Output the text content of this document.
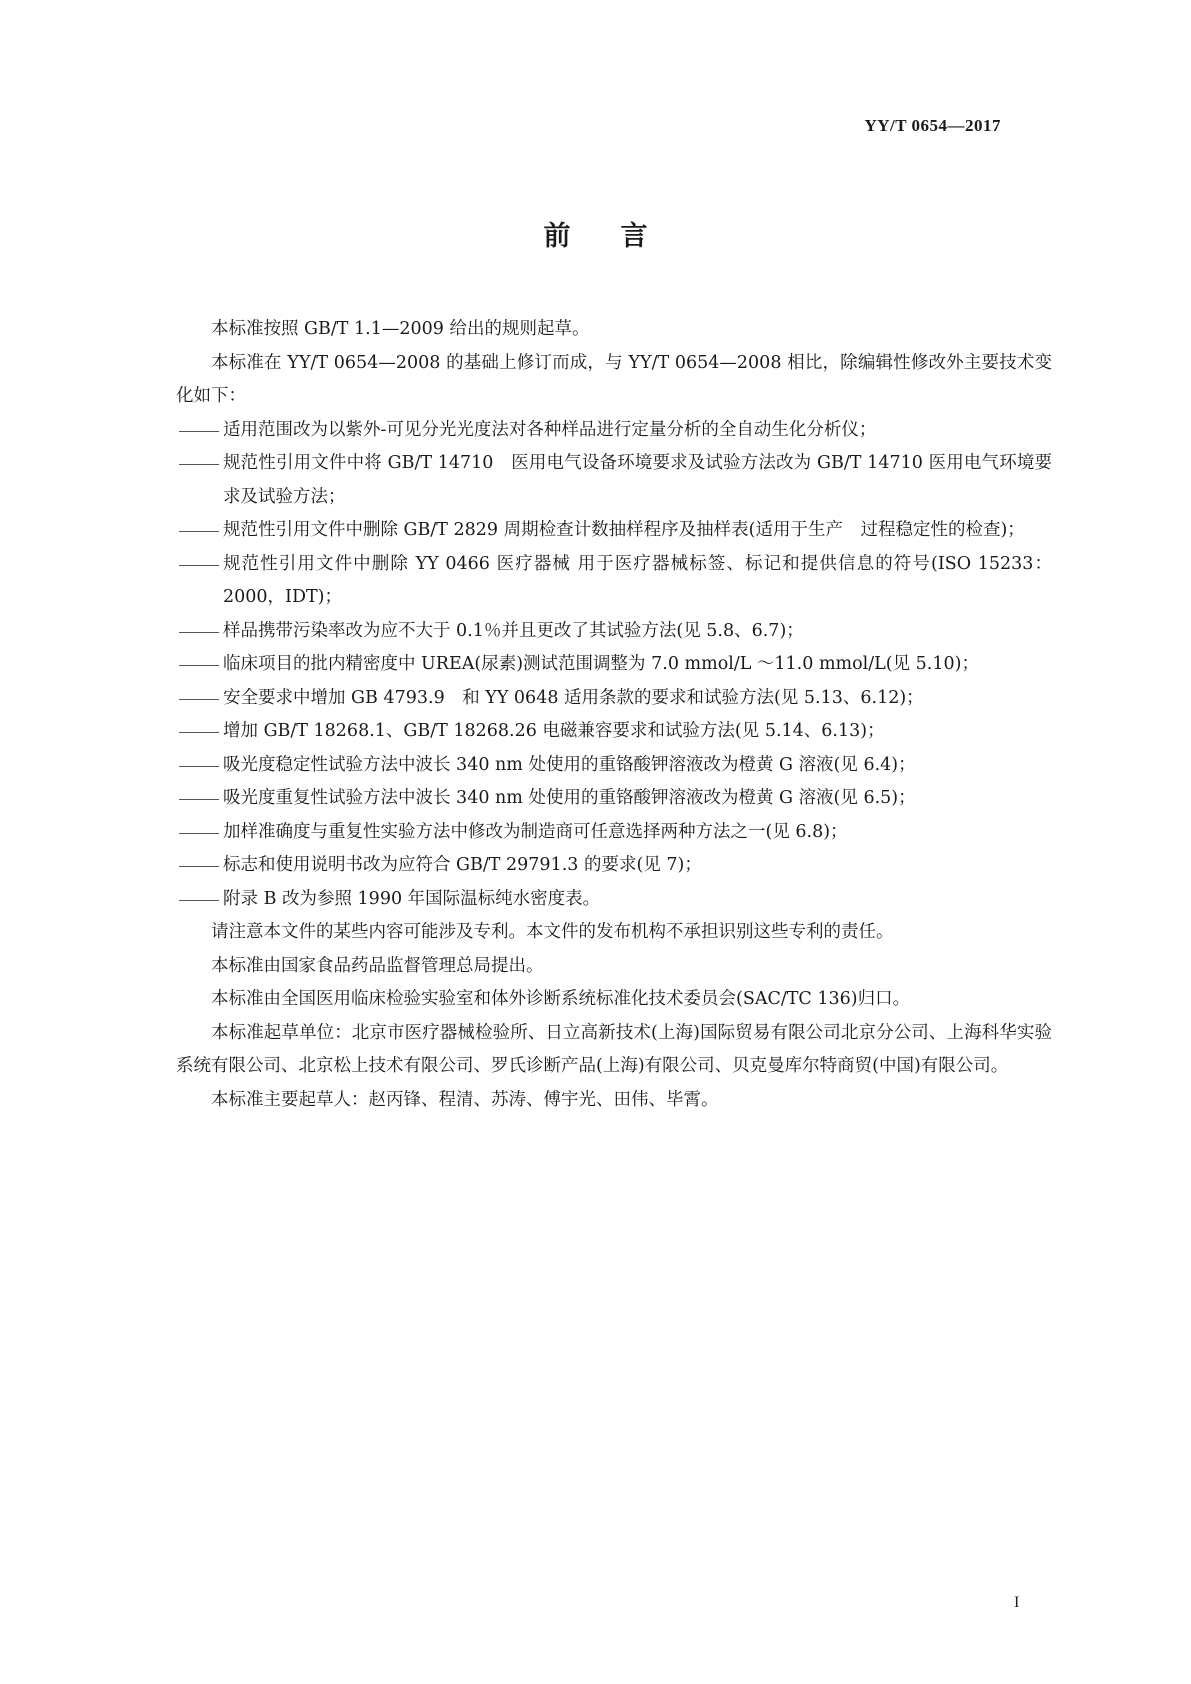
YY/T 0654—2017
前言

本标准按照 GB/T 1.1—2009 给出的规则起草。

本标准在 YY/T 0654—2008 的基础上修订而成，与 YY/T 0654—2008 相比，除编辑性修改外主要技术变化如下：

适用范围改为以紫外-可见分光光度法对各种样品进行定量分析的全自动生化分析仪；
规范性引用文件中将 GB/T 14710　医用电气设备环境要求及试验方法改为 GB/T 14710 医用电气环境要求及试验方法；
规范性引用文件中删除 GB/T 2829 周期检查计数抽样程序及抽样表(适用于生产　过程稳定性的检查)；
规范性引用文件中删除 YY 0466 医疗器械 用于医疗器械标签、标记和提供信息的符号(ISO 15233：2000，IDT)；
样品携带污染率改为应不大于 0.1％并且更改了其试验方法(见 5.8、6.7)；
临床项目的批内精密度中 UREA(尿素)测试范围调整为 7.0 mmol/L ～11.0 mmol/L(见 5.10)；
安全要求中增加 GB 4793.9　和 YY 0648 适用条款的要求和试验方法(见 5.13、6.12)；
增加 GB/T 18268.1、GB/T 18268.26 电磁兼容要求和试验方法(见 5.14、6.13)；
吸光度稳定性试验方法中波长 340 nm 处使用的重铬酸钾溶液改为橙黄 G 溶液(见 6.4)；
吸光度重复性试验方法中波长 340 nm 处使用的重铬酸钾溶液改为橙黄 G 溶液(见 6.5)；
加样准确度与重复性实验方法中修改为制造商可任意选择两种方法之一(见 6.8)；
标志和使用说明书改为应符合 GB/T 29791.3 的要求(见 7)；
附录 B 改为参照 1990 年国际温标纯水密度表。

请注意本文件的某些内容可能涉及专利。本文件的发布机构不承担识别这些专利的责任。

本标准由国家食品药品监督管理总局提出。

本标准由全国医用临床检验实验室和体外诊断系统标准化技术委员会(SAC/TC 136)归口。

本标准起草单位：北京市医疗器械检验所、日立高新技术(上海)国际贸易有限公司北京分公司、上海科华实验系统有限公司、北京松上技术有限公司、罗氏诊断产品(上海)有限公司、贝克曼库尔特商贸(中国)有限公司。

本标准主要起草人：赵丙锋、程清、苏涛、傅宇光、田伟、毕霄。

I
